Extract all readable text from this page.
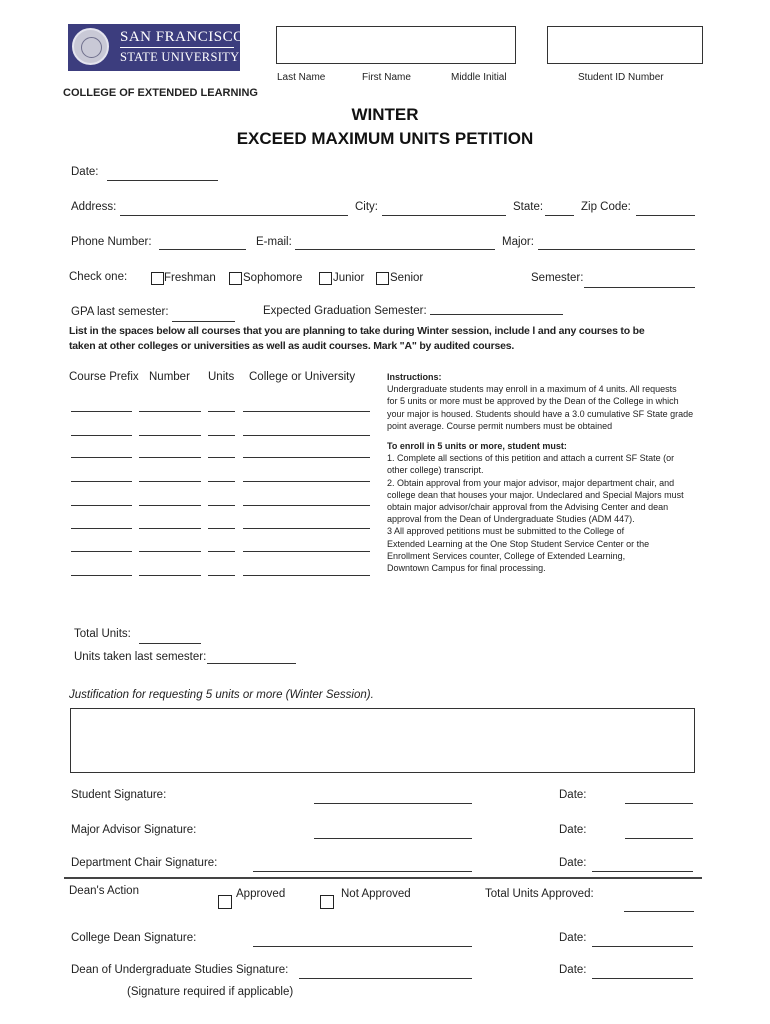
SAN FRANCISCO
STATE UNIVERSITY
COLLEGE OF EXTENDED LEARNING
Last Name	First Name	Middle Initial	Student ID Number
WINTER
EXCEED MAXIMUM UNITS PETITION
Date:
Address:	City:	State:	Zip Code:
Phone Number:	E-mail:	Major:
Check one:	Freshman Sophomore	Junior Senior	Semester:
GPA last semester:	Expected Graduation Semester:
List in the spaces below all courses that you are planning to take during Winter session, include l and any courses to be
taken at other colleges or universities as well as audit courses. Mark "A" by audited courses.
Course Prefix Number Units College or University	Instructions:

Undergraduate students may enroll in a maximum of 4 units. All requests

for 5 units or more must be approved by the Dean of the College in which

your major is housed. Students should have a 3.0 cumulative SF State grade

point average. Course permit numbers must be obtained

To enroll in 5 units or more, student must:

1. Complete all sections of this petition and attach a current SF State (or

other college) transcript.

2. Obtain approval from your major advisor, major department chair, and

college dean that houses your major. Undeclared and Special Majors must

obtain major advisor/chair approval from the Advising Center and dean

approval from the Dean of Undergraduate Studies (ADM 447).

3 All approved petitions must be submitted to the College of

Extended Learning at the One Stop Student Service Center or the

Enrollment Services counter, College of Extended Learning,

Downtown Campus for final processing.

Total Units:
Units taken last semester:
Justification for requesting 5 units or more (Winter Session).
Student Signature:	Date:
Major Advisor Signature:	Date:
Department Chair Signature:	Date:
Dean's Action	Approved	Not Approved	Total Units Approved:
College Dean Signature:	Date:
Dean of Undergraduate Studies Signature:	Date:
(Signature required if applicable)
